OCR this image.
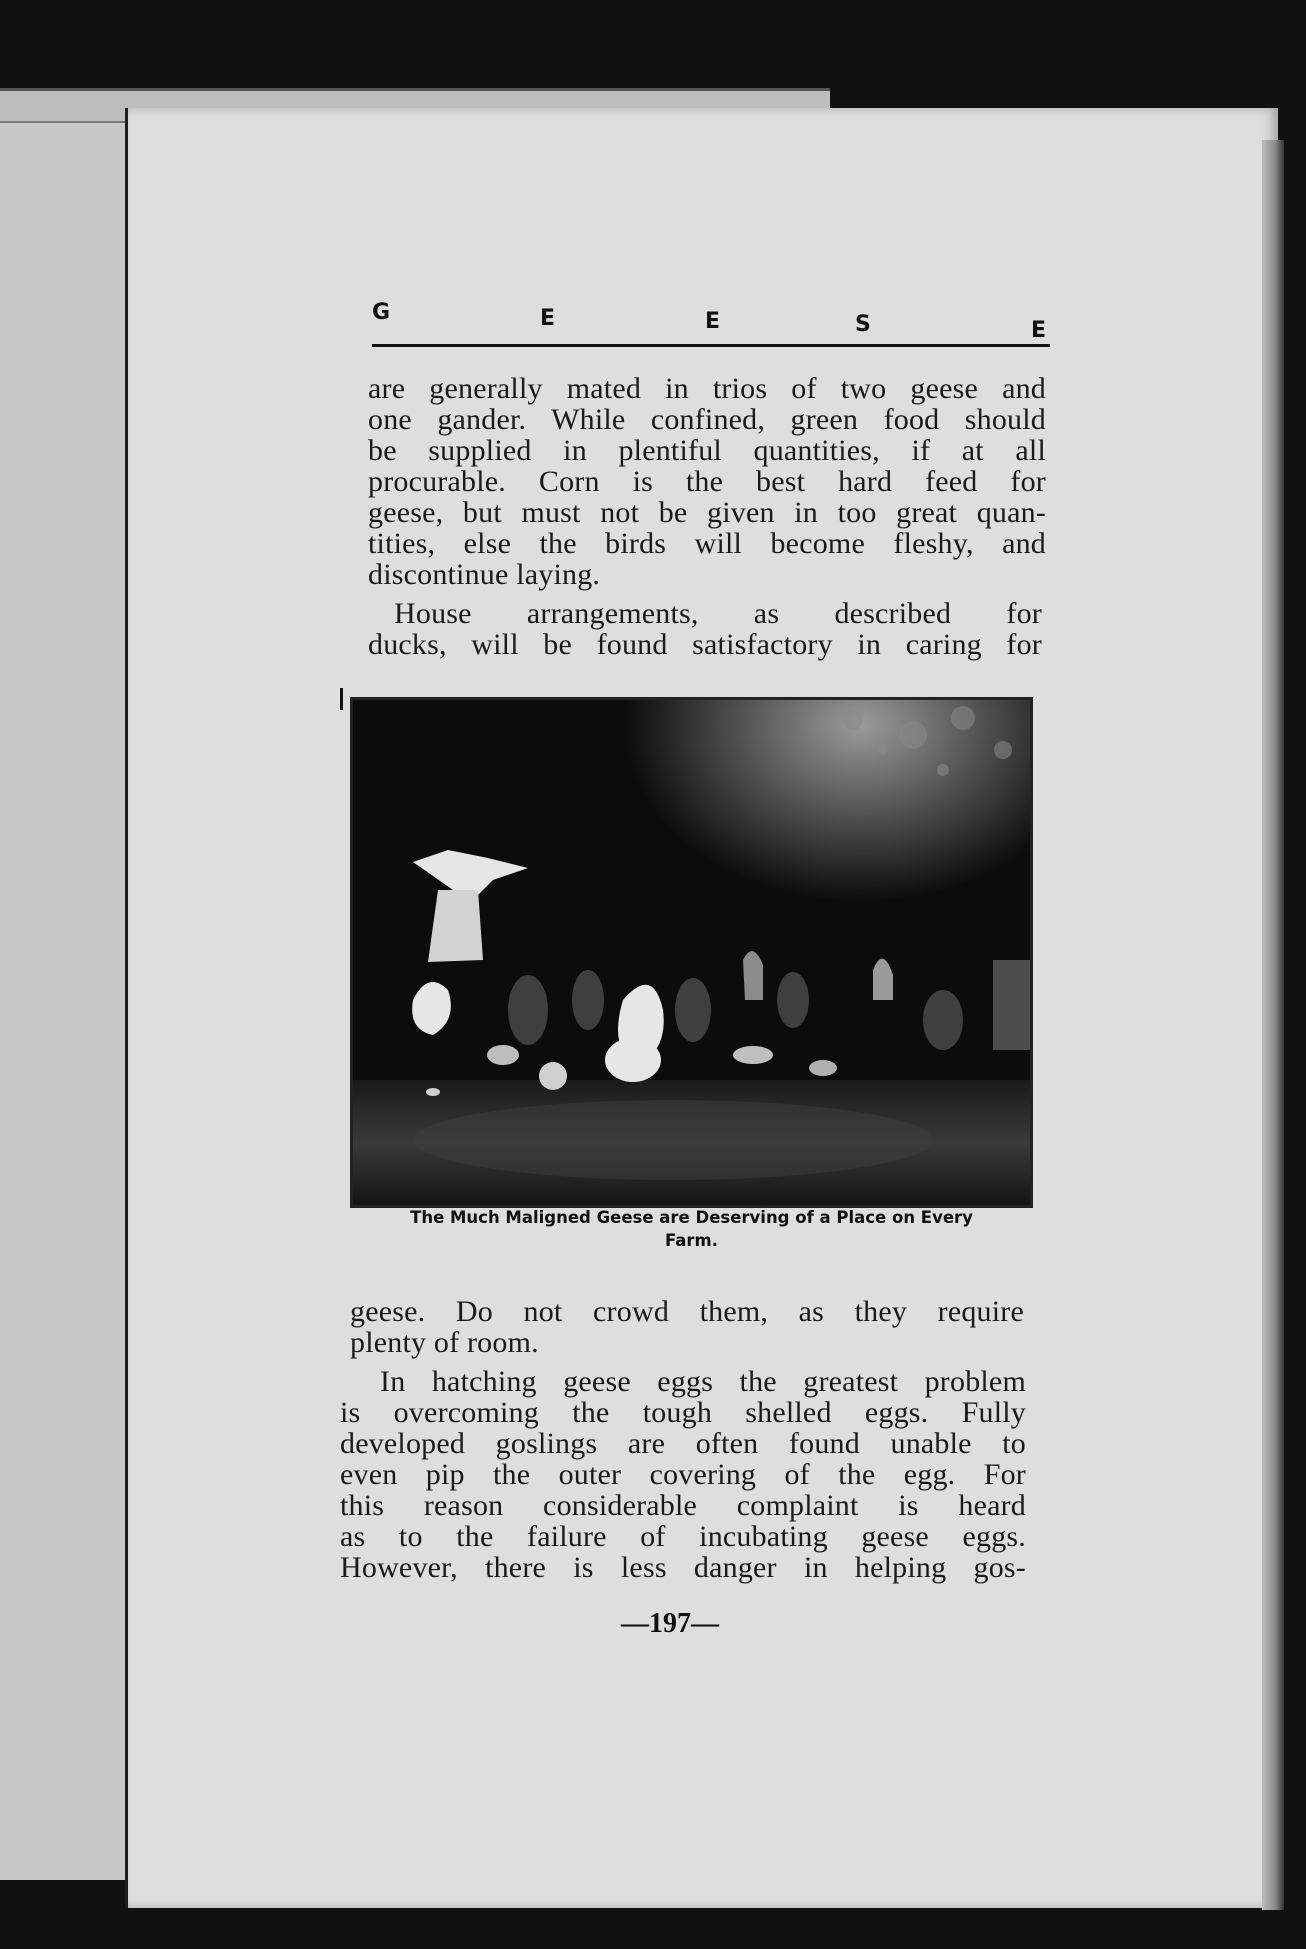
G	E	E	S	E
are generally mated in trios of two geese and
one gander. While confined, green food should
be supplied in plentiful quantities, if at all
procurable. Corn is the best hard feed for
geese, but must not be given in too great quan-
tities, else the birds will become fleshy, and
discontinue laying.
House arrangements, as described for
ducks, will be found satisfactory in caring for
The Much Maligned Geese are Deserving of a Place on Every
Farm.
geese. Do not crowd them, as they require
plenty of room.
In hatching geese eggs the greatest problem
is overcoming the tough shelled eggs. Fully
developed goslings are often found unable to
even pip the outer covering of the egg. For
this reason considerable complaint is heard
as to the failure of incubating geese eggs.
However, there is less danger in helping gos-
—197—
